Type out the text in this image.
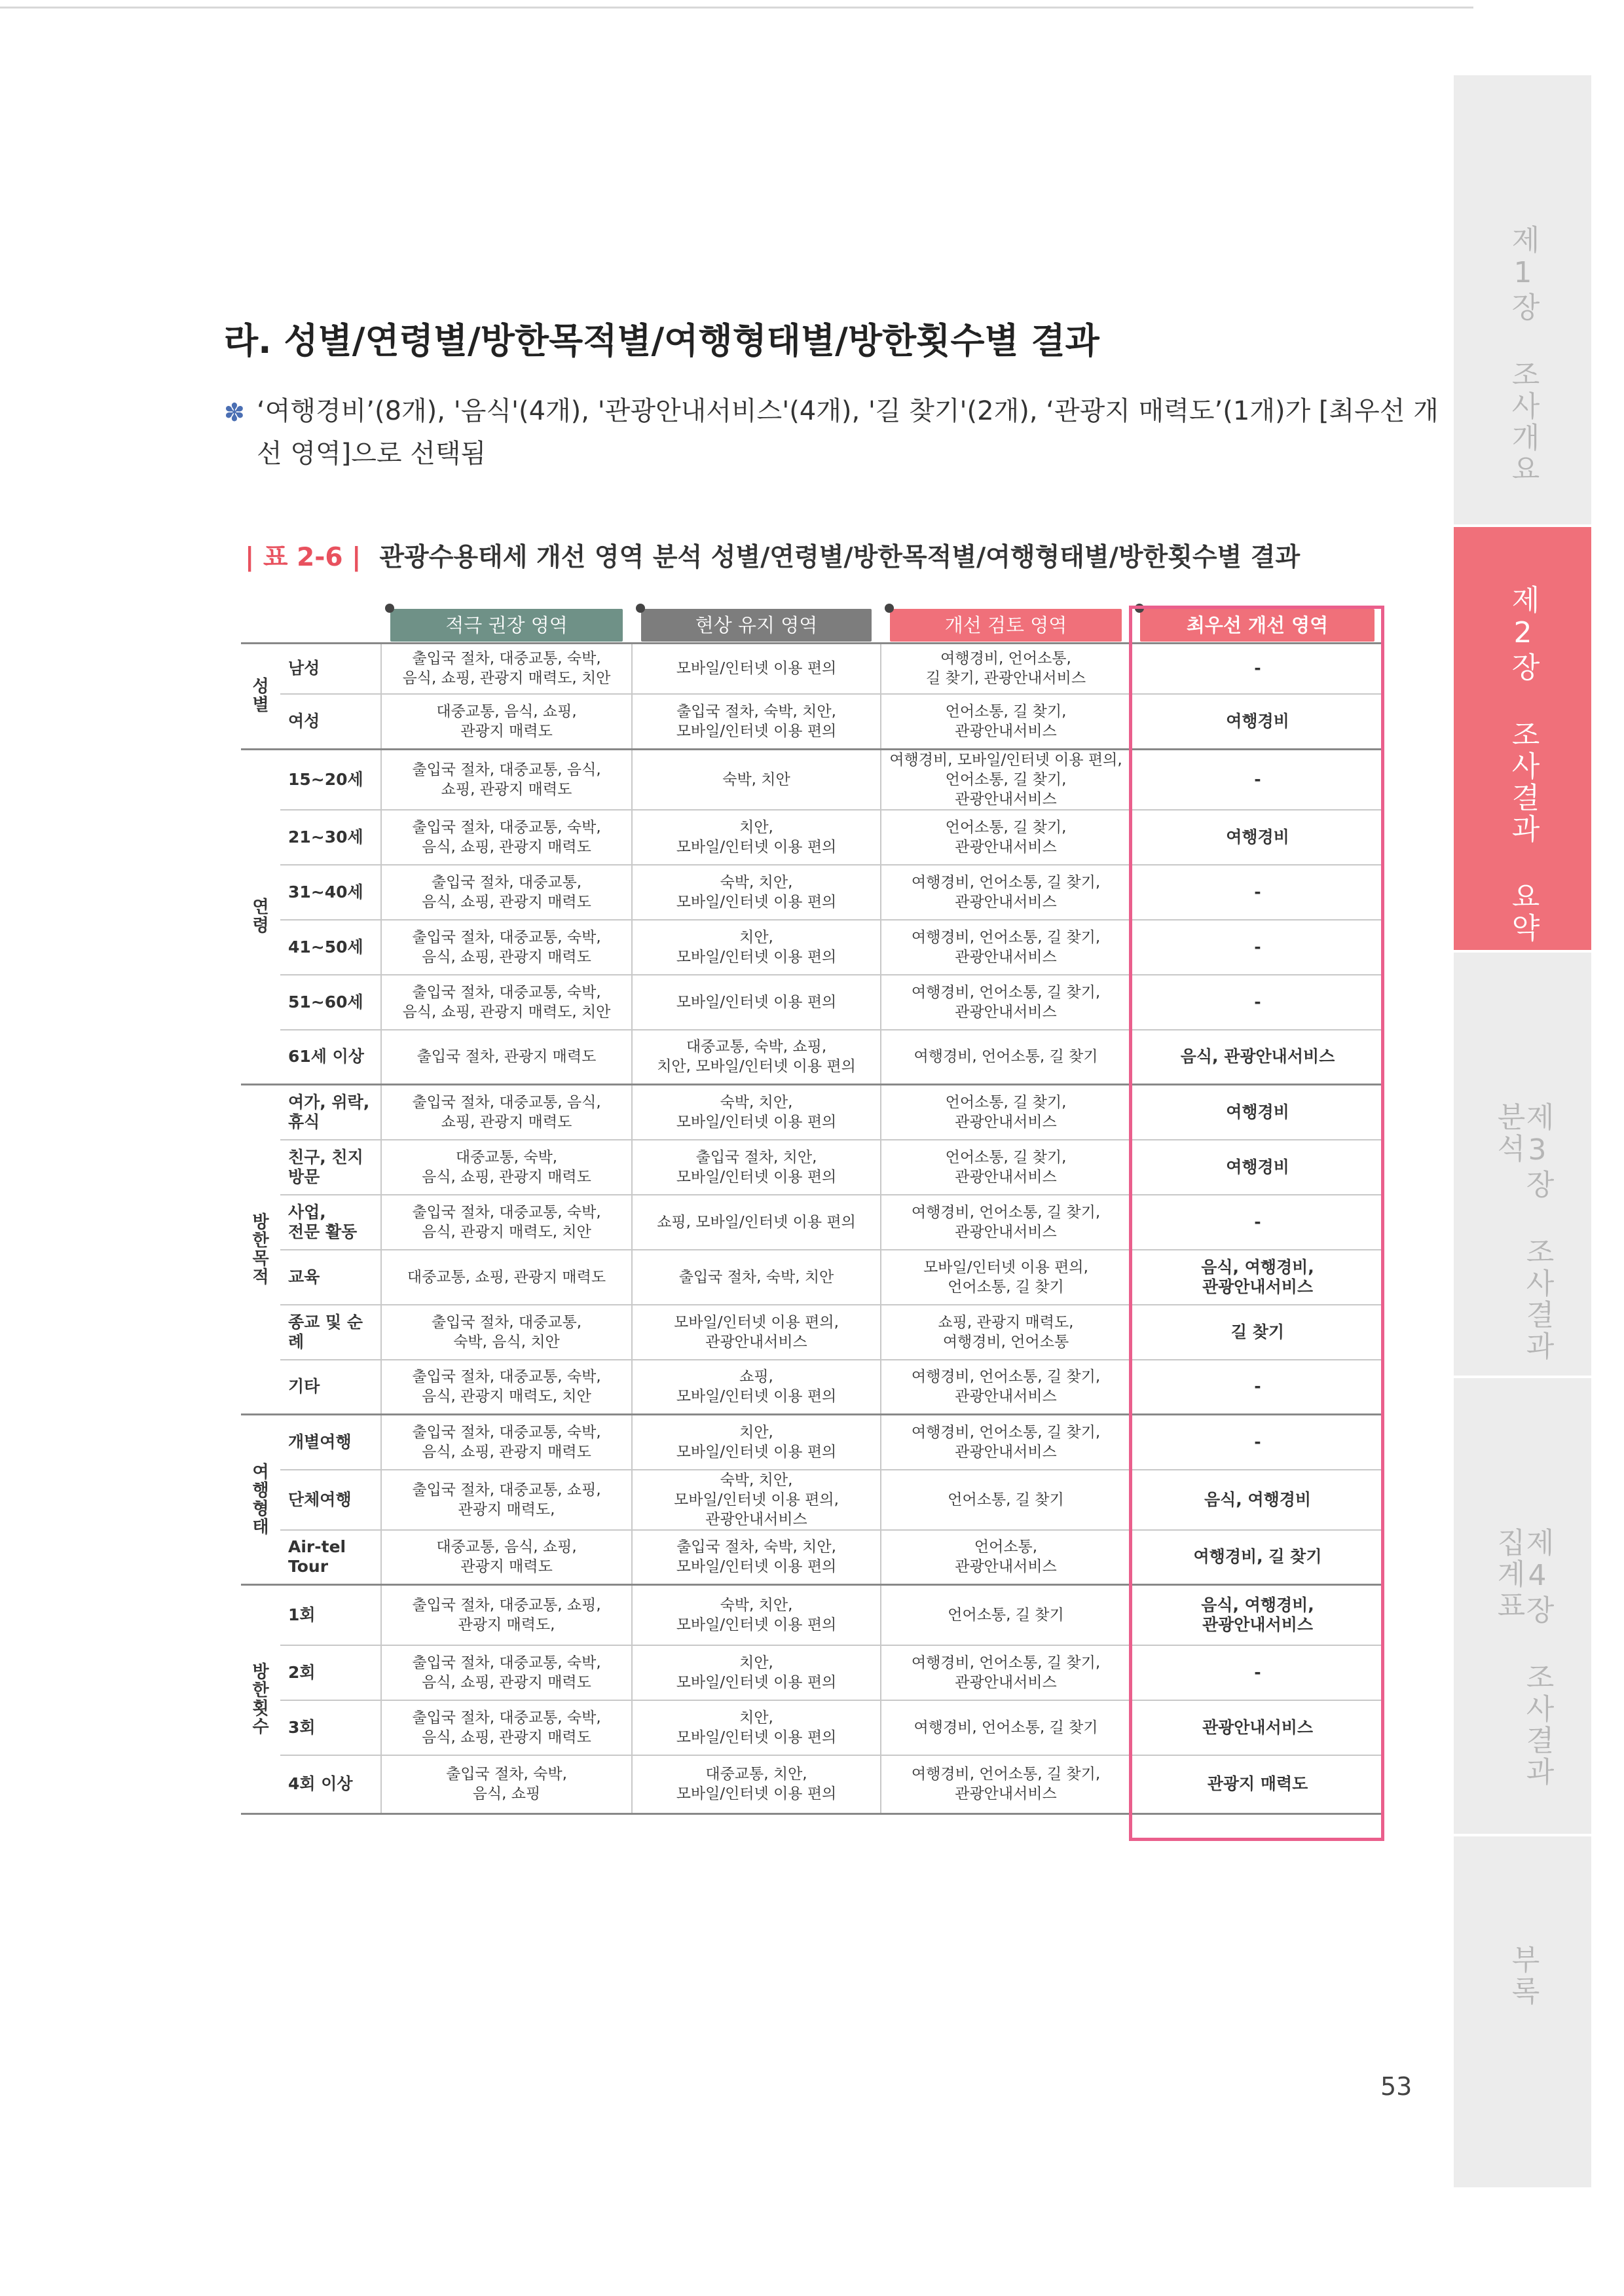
제1장 조사개요
제2장 조사결과 요약
제3장 조사결과 분석
제4장 조사결과 집계표
부록
라. 성별/연령별/방한목적별/여행형태별/방한횟수별 결과
✽ ‘여행경비’(8개), '음식'(4개), '관광안내서비스'(4개), '길 찾기'(2개), ‘관광지 매력도’(1개)가 [최우선 개선 영역]으로 선택됨
| 표 2-6 | 관광수용태세 개선 영역 분석 성별/연령별/방한목적별/여행형태별/방한횟수별 결과

		적극 권장 영역	현상 유지 영역	개선 검토 영역	최우선 개선 영역

성별	남성	출입국 절차, 대중교통, 숙박,
음식, 쇼핑, 관광지 매력도, 치안	모바일/인터넷 이용 편의	여행경비, 언어소통,
길 찾기, 관광안내서비스	-
	여성	대중교통, 음식, 쇼핑,
관광지 매력도	출입국 절차, 숙박, 치안,
모바일/인터넷 이용 편의	언어소통, 길 찾기,
관광안내서비스	여행경비
연령	15~20세	출입국 절차, 대중교통, 음식,
쇼핑, 관광지 매력도	숙박, 치안	여행경비, 모바일/인터넷 이용 편의,
언어소통, 길 찾기,
관광안내서비스	-
	21~30세	출입국 절차, 대중교통, 숙박,
음식, 쇼핑, 관광지 매력도	치안,
모바일/인터넷 이용 편의	언어소통, 길 찾기,
관광안내서비스	여행경비
	31~40세	출입국 절차, 대중교통,
음식, 쇼핑, 관광지 매력도	숙박, 치안,
모바일/인터넷 이용 편의	여행경비, 언어소통, 길 찾기,
관광안내서비스	-
	41~50세	출입국 절차, 대중교통, 숙박,
음식, 쇼핑, 관광지 매력도	치안,
모바일/인터넷 이용 편의	여행경비, 언어소통, 길 찾기,
관광안내서비스	-
	51~60세	출입국 절차, 대중교통, 숙박,
음식, 쇼핑, 관광지 매력도, 치안	모바일/인터넷 이용 편의	여행경비, 언어소통, 길 찾기,
관광안내서비스	-
	61세 이상	출입국 절차, 관광지 매력도	대중교통, 숙박, 쇼핑,
치안, 모바일/인터넷 이용 편의	여행경비, 언어소통, 길 찾기	음식, 관광안내서비스
방한목적	여가, 위락,
휴식	출입국 절차, 대중교통, 음식,
쇼핑, 관광지 매력도	숙박, 치안,
모바일/인터넷 이용 편의	언어소통, 길 찾기,
관광안내서비스	여행경비
	친구, 친지
방문	대중교통, 숙박,
음식, 쇼핑, 관광지 매력도	출입국 절차, 치안,
모바일/인터넷 이용 편의	언어소통, 길 찾기,
관광안내서비스	여행경비
	사업,
전문 활동	출입국 절차, 대중교통, 숙박,
음식, 관광지 매력도, 치안	쇼핑, 모바일/인터넷 이용 편의	여행경비, 언어소통, 길 찾기,
관광안내서비스	-
	교육	대중교통, 쇼핑, 관광지 매력도	출입국 절차, 숙박, 치안	모바일/인터넷 이용 편의,
언어소통, 길 찾기	음식, 여행경비,
관광안내서비스
	종교 및 순례	출입국 절차, 대중교통,
숙박, 음식, 치안	모바일/인터넷 이용 편의,
관광안내서비스	쇼핑, 관광지 매력도,
여행경비, 언어소통	길 찾기
	기타	출입국 절차, 대중교통, 숙박,
음식, 관광지 매력도, 치안	쇼핑,
모바일/인터넷 이용 편의	여행경비, 언어소통, 길 찾기,
관광안내서비스	-
여행형태	개별여행	출입국 절차, 대중교통, 숙박,
음식, 쇼핑, 관광지 매력도	치안,
모바일/인터넷 이용 편의	여행경비, 언어소통, 길 찾기,
관광안내서비스	-
	단체여행	출입국 절차, 대중교통, 쇼핑,
관광지 매력도,	숙박, 치안,
모바일/인터넷 이용 편의,
관광안내서비스	언어소통, 길 찾기	음식, 여행경비
	Air-tel Tour	대중교통, 음식, 쇼핑,
관광지 매력도	출입국 절차, 숙박, 치안,
모바일/인터넷 이용 편의	언어소통,
관광안내서비스	여행경비, 길 찾기
방한횟수	1회	출입국 절차, 대중교통, 쇼핑,
관광지 매력도,	숙박, 치안,
모바일/인터넷 이용 편의	언어소통, 길 찾기	음식, 여행경비,
관광안내서비스
	2회	출입국 절차, 대중교통, 숙박,
음식, 쇼핑, 관광지 매력도	치안,
모바일/인터넷 이용 편의	여행경비, 언어소통, 길 찾기,
관광안내서비스	-
	3회	출입국 절차, 대중교통, 숙박,
음식, 쇼핑, 관광지 매력도	치안,
모바일/인터넷 이용 편의	여행경비, 언어소통, 길 찾기	관광안내서비스
	4회 이상	출입국 절차, 숙박,
음식, 쇼핑	대중교통, 치안,
모바일/인터넷 이용 편의	여행경비, 언어소통, 길 찾기,
관광안내서비스	관광지 매력도
53
